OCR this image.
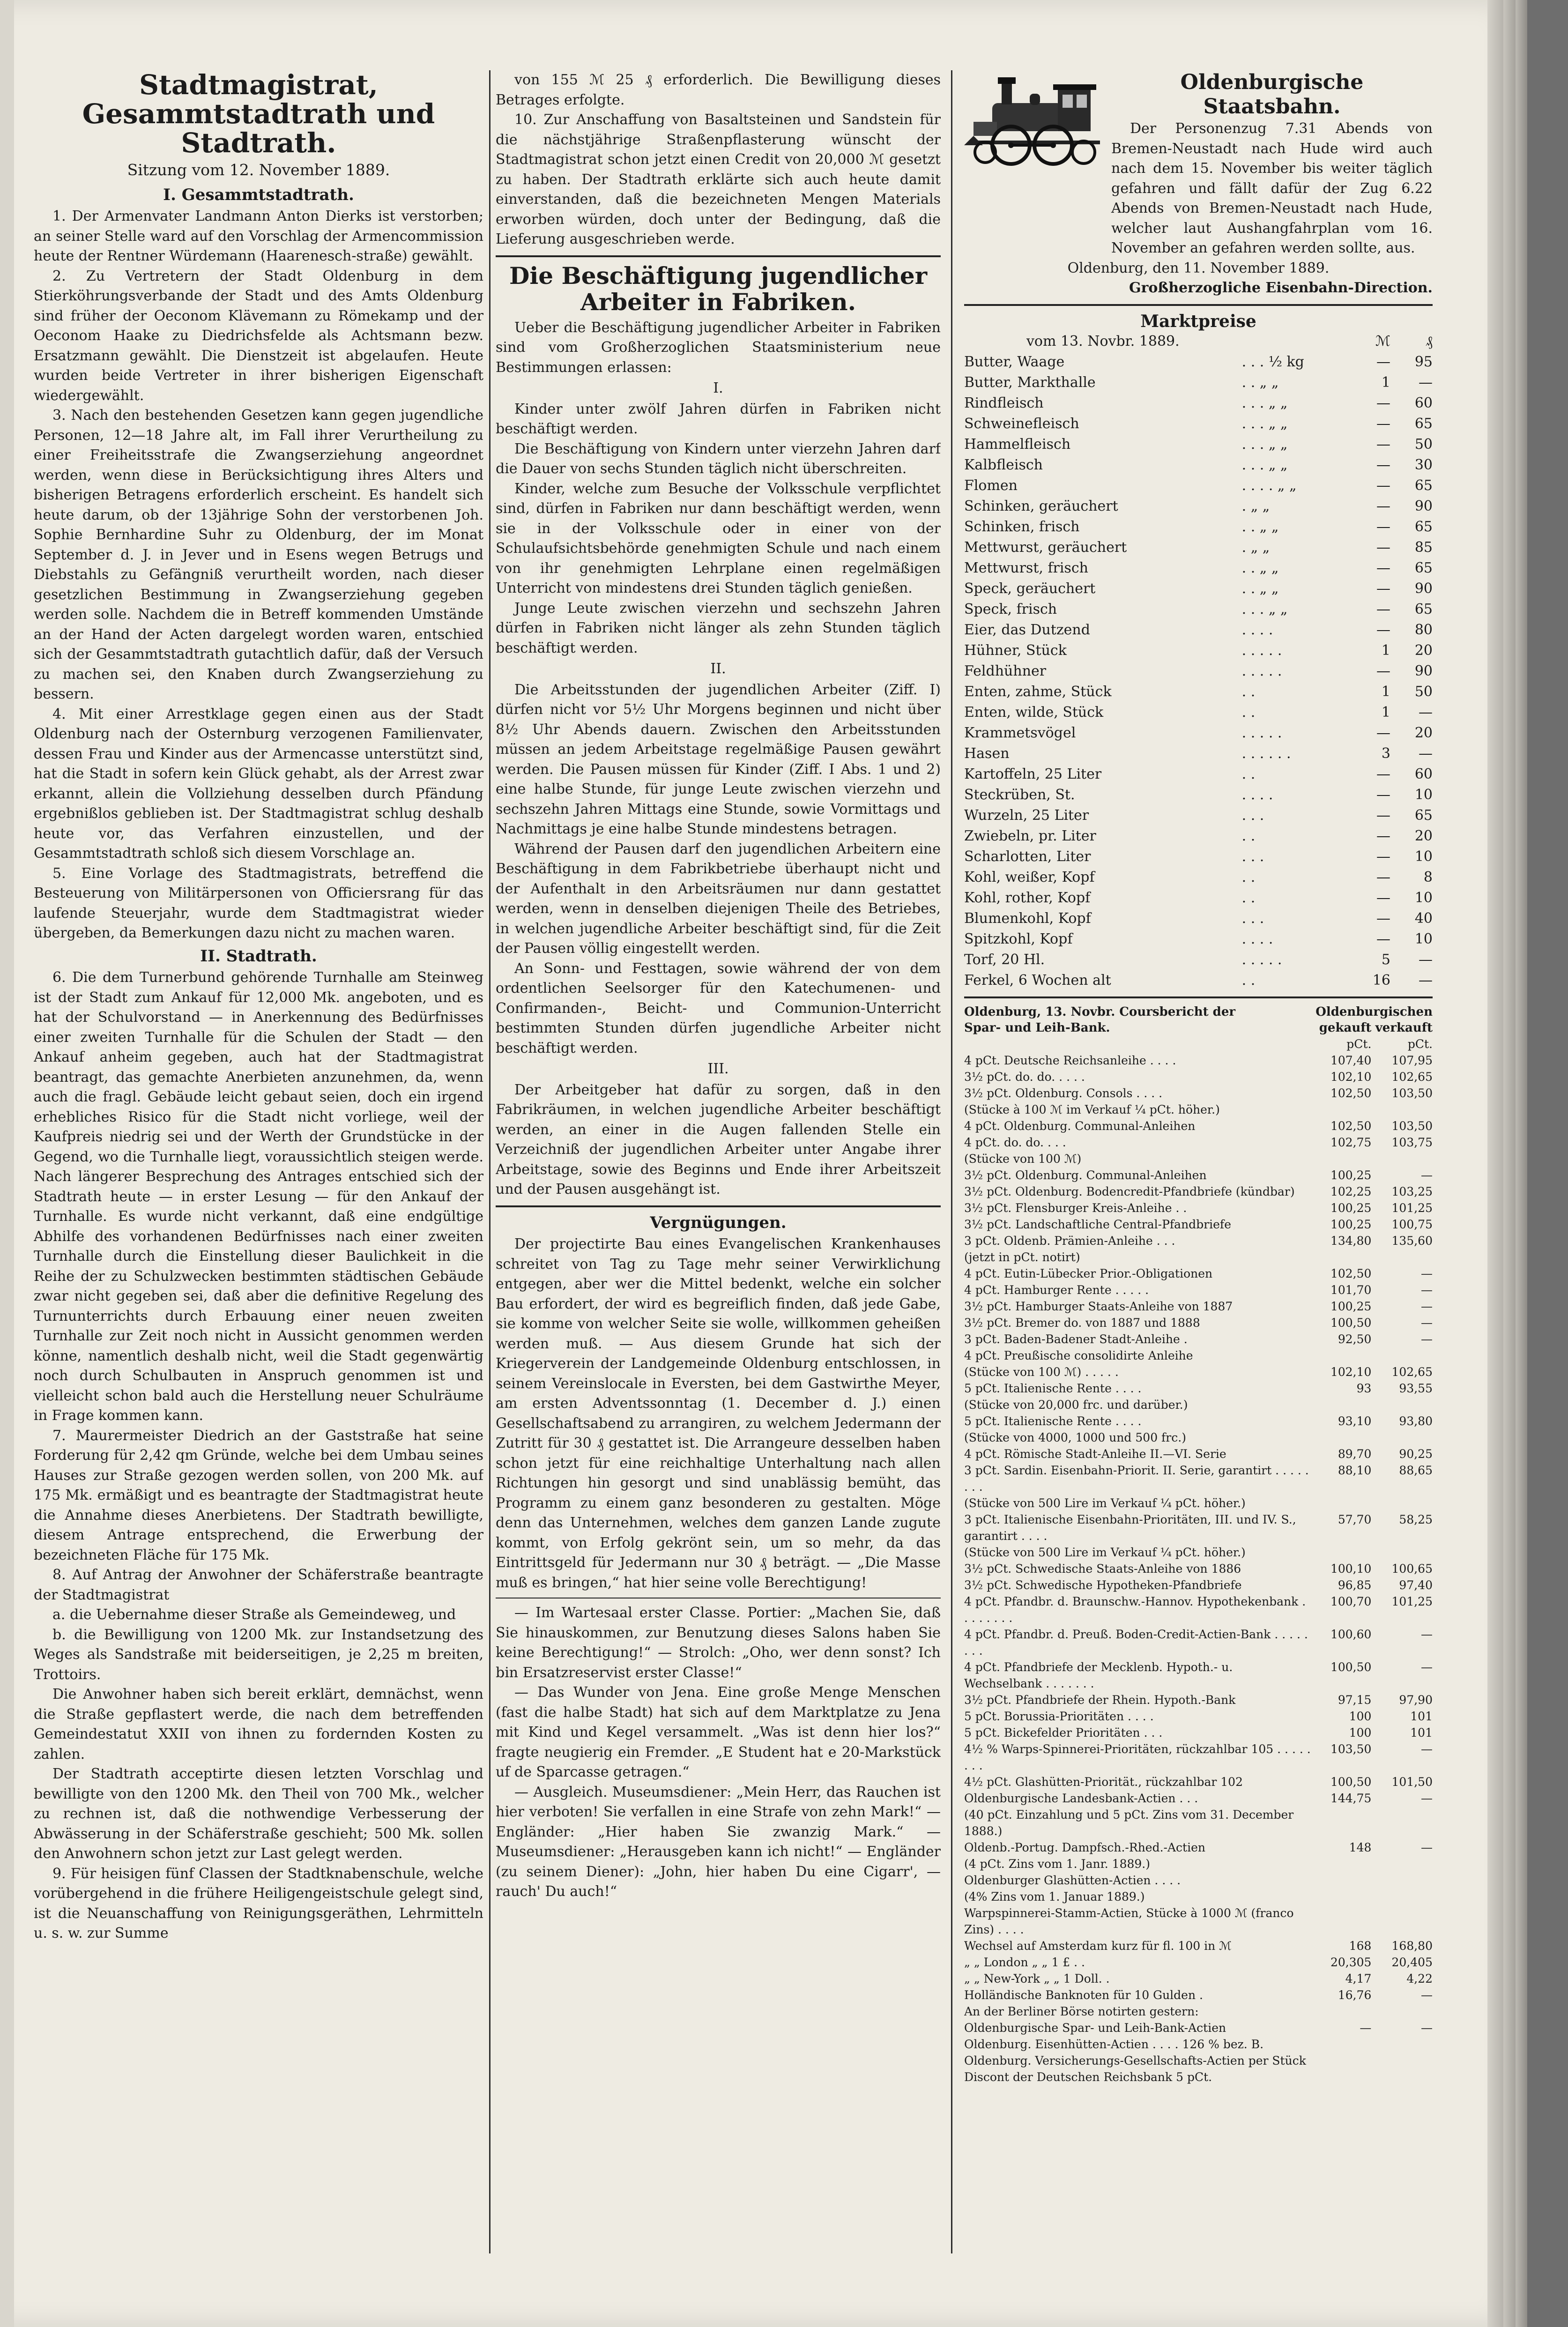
Stadtmagistrat, Gesammtstadtrath und Stadtrath.
Sitzung vom 12. November 1889.
I. Gesammtstadtrath.

1. Der Armenvater Landmann Anton Dierks ist verstorben; an seiner Stelle ward auf den Vorschlag der Armencommission heute der Rentner Würdemann (Haarenesch-straße) gewählt.

2. Zu Vertretern der Stadt Oldenburg in dem Stierköhrungsverbande der Stadt und des Amts Oldenburg sind früher der Oeconom Klävemann zu Römekamp und der Oeconom Haake zu Diedrichsfelde als Achtsmann bezw. Ersatzmann gewählt. Die Dienstzeit ist abgelaufen. Heute wurden beide Vertreter in ihrer bisherigen Eigenschaft wiedergewählt.

3. Nach den bestehenden Gesetzen kann gegen jugendliche Personen, 12—18 Jahre alt, im Fall ihrer Verurtheilung zu einer Freiheitsstrafe die Zwangserziehung angeordnet werden, wenn diese in Berücksichtigung ihres Alters und bisherigen Betragens erforderlich erscheint. Es handelt sich heute darum, ob der 13jährige Sohn der verstorbenen Joh. Sophie Bernhardine Suhr zu Oldenburg, der im Monat September d. J. in Jever und in Esens wegen Betrugs und Diebstahls zu Gefängniß verurtheilt worden, nach dieser gesetzlichen Bestimmung in Zwangserziehung gegeben werden solle. Nachdem die in Betreff kommenden Umstände an der Hand der Acten dargelegt worden waren, entschied sich der Gesammtstadtrath gutachtlich dafür, daß der Versuch zu machen sei, den Knaben durch Zwangserziehung zu bessern.

4. Mit einer Arrestklage gegen einen aus der Stadt Oldenburg nach der Osternburg verzogenen Familienvater, dessen Frau und Kinder aus der Armencasse unterstützt sind, hat die Stadt in sofern kein Glück gehabt, als der Arrest zwar erkannt, allein die Vollziehung desselben durch Pfändung ergebnißlos geblieben ist. Der Stadtmagistrat schlug deshalb heute vor, das Verfahren einzustellen, und der Gesammtstadtrath schloß sich diesem Vorschlage an.

5. Eine Vorlage des Stadtmagistrats, betreffend die Besteuerung von Militärpersonen von Officiersrang für das laufende Steuerjahr, wurde dem Stadtmagistrat wieder übergeben, da Bemerkungen dazu nicht zu machen waren.

II. Stadtrath.

6. Die dem Turnerbund gehörende Turnhalle am Steinweg ist der Stadt zum Ankauf für 12,000 Mk. angeboten, und es hat der Schulvorstand — in Anerkennung des Bedürfnisses einer zweiten Turnhalle für die Schulen der Stadt — den Ankauf anheim gegeben, auch hat der Stadtmagistrat beantragt, das gemachte Anerbieten anzunehmen, da, wenn auch die fragl. Gebäude leicht gebaut seien, doch ein irgend erhebliches Risico für die Stadt nicht vorliege, weil der Kaufpreis niedrig sei und der Werth der Grundstücke in der Gegend, wo die Turnhalle liegt, voraussichtlich steigen werde. Nach längerer Besprechung des Antrages entschied sich der Stadtrath heute — in erster Lesung — für den Ankauf der Turnhalle. Es wurde nicht verkannt, daß eine endgültige Abhilfe des vorhandenen Bedürfnisses nach einer zweiten Turnhalle durch die Einstellung dieser Baulichkeit in die Reihe der zu Schulzwecken bestimmten städtischen Gebäude zwar nicht gegeben sei, daß aber die definitive Regelung des Turnunterrichts durch Erbauung einer neuen zweiten Turnhalle zur Zeit noch nicht in Aussicht genommen werden könne, namentlich deshalb nicht, weil die Stadt gegenwärtig noch durch Schulbauten in Anspruch genommen ist und vielleicht schon bald auch die Herstellung neuer Schulräume in Frage kommen kann.

7. Maurermeister Diedrich an der Gaststraße hat seine Forderung für 2,42 qm Gründe, welche bei dem Umbau seines Hauses zur Straße gezogen werden sollen, von 200 Mk. auf 175 Mk. ermäßigt und es beantragte der Stadtmagistrat heute die Annahme dieses Anerbietens. Der Stadtrath bewilligte, diesem Antrage entsprechend, die Erwerbung der bezeichneten Fläche für 175 Mk.

8. Auf Antrag der Anwohner der Schäferstraße beantragte der Stadtmagistrat

a. die Uebernahme dieser Straße als Gemeindeweg, und

b. die Bewilligung von 1200 Mk. zur Instandsetzung des Weges als Sandstraße mit beiderseitigen, je 2,25 m breiten, Trottoirs.

Die Anwohner haben sich bereit erklärt, demnächst, wenn die Straße gepflastert werde, die nach dem betreffenden Gemeindestatut XXII von ihnen zu fordernden Kosten zu zahlen.

Der Stadtrath acceptirte diesen letzten Vorschlag und bewilligte von den 1200 Mk. den Theil von 700 Mk., welcher zu rechnen ist, daß die nothwendige Verbesserung der Abwässerung in der Schäferstraße geschieht; 500 Mk. sollen den Anwohnern schon jetzt zur Last gelegt werden.

9. Für heisigen fünf Classen der Stadtknabenschule, welche vorübergehend in die frühere Heiligengeistschule gelegt sind, ist die Neuanschaffung von Reinigungsgeräthen, Lehrmitteln u. s. w. zur Summe

von 155 ℳ 25 ₰ erforderlich. Die Bewilligung dieses Betrages erfolgte.

10. Zur Anschaffung von Basaltsteinen und Sandstein für die nächstjährige Straßenpflasterung wünscht der Stadtmagistrat schon jetzt einen Credit von 20,000 ℳ gesetzt zu haben. Der Stadtrath erklärte sich auch heute damit einverstanden, daß die bezeichneten Mengen Materials erworben würden, doch unter der Bedingung, daß die Lieferung ausgeschrieben werde.

Die Beschäftigung jugendlicher Arbeiter in Fabriken.

Ueber die Beschäftigung jugendlicher Arbeiter in Fabriken sind vom Großherzoglichen Staatsministerium neue Bestimmungen erlassen:

I.

Kinder unter zwölf Jahren dürfen in Fabriken nicht beschäftigt werden.

Die Beschäftigung von Kindern unter vierzehn Jahren darf die Dauer von sechs Stunden täglich nicht überschreiten.

Kinder, welche zum Besuche der Volksschule verpflichtet sind, dürfen in Fabriken nur dann beschäftigt werden, wenn sie in der Volksschule oder in einer von der Schulaufsichtsbehörde genehmigten Schule und nach einem von ihr genehmigten Lehrplane einen regelmäßigen Unterricht von mindestens drei Stunden täglich genießen.

Junge Leute zwischen vierzehn und sechszehn Jahren dürfen in Fabriken nicht länger als zehn Stunden täglich beschäftigt werden.

II.

Die Arbeitsstunden der jugendlichen Arbeiter (Ziff. I) dürfen nicht vor 5½ Uhr Morgens beginnen und nicht über 8½ Uhr Abends dauern. Zwischen den Arbeitsstunden müssen an jedem Arbeitstage regelmäßige Pausen gewährt werden. Die Pausen müssen für Kinder (Ziff. I Abs. 1 und 2) eine halbe Stunde, für junge Leute zwischen vierzehn und sechszehn Jahren Mittags eine Stunde, sowie Vormittags und Nachmittags je eine halbe Stunde mindestens betragen.

Während der Pausen darf den jugendlichen Arbeitern eine Beschäftigung in dem Fabrikbetriebe überhaupt nicht und der Aufenthalt in den Arbeitsräumen nur dann gestattet werden, wenn in denselben diejenigen Theile des Betriebes, in welchen jugendliche Arbeiter beschäftigt sind, für die Zeit der Pausen völlig eingestellt werden.

An Sonn- und Festtagen, sowie während der von dem ordentlichen Seelsorger für den Katechumenen- und Confirmanden-, Beicht- und Communion-Unterricht bestimmten Stunden dürfen jugendliche Arbeiter nicht beschäftigt werden.

III.

Der Arbeitgeber hat dafür zu sorgen, daß in den Fabrikräumen, in welchen jugendliche Arbeiter beschäftigt werden, an einer in die Augen fallenden Stelle ein Verzeichniß der jugendlichen Arbeiter unter Angabe ihrer Arbeitstage, sowie des Beginns und Ende ihrer Arbeitszeit und der Pausen ausgehängt ist.

Vergnügungen.

Der projectirte Bau eines Evangelischen Krankenhauses schreitet von Tag zu Tage mehr seiner Verwirklichung entgegen, aber wer die Mittel bedenkt, welche ein solcher Bau erfordert, der wird es begreiflich finden, daß jede Gabe, sie komme von welcher Seite sie wolle, willkommen geheißen werden muß. — Aus diesem Grunde hat sich der Kriegerverein der Landgemeinde Oldenburg entschlossen, in seinem Vereinslocale in Eversten, bei dem Gastwirthe Meyer, am ersten Adventssonntag (1. December d. J.) einen Gesellschaftsabend zu arrangiren, zu welchem Jedermann der Zutritt für 30 ₰ gestattet ist. Die Arrangeure desselben haben schon jetzt für eine reichhaltige Unterhaltung nach allen Richtungen hin gesorgt und sind unablässig bemüht, das Programm zu einem ganz besonderen zu gestalten. Möge denn das Unternehmen, welches dem ganzen Lande zugute kommt, von Erfolg gekrönt sein, um so mehr, da das Eintrittsgeld für Jedermann nur 30 ₰ beträgt. — „Die Masse muß es bringen,“ hat hier seine volle Berechtigung!

— Im Wartesaal erster Classe. Portier: „Machen Sie, daß Sie hinauskommen, zur Benutzung dieses Salons haben Sie keine Berechtigung!“ — Strolch: „Oho, wer denn sonst? Ich bin Ersatzreservist erster Classe!“

— Das Wunder von Jena. Eine große Menge Menschen (fast die halbe Stadt) hat sich auf dem Marktplatze zu Jena mit Kind und Kegel versammelt. „Was ist denn hier los?“ fragte neugierig ein Fremder. „E Student hat e 20-Markstück uf de Sparcasse getragen.“

— Ausgleich. Museumsdiener: „Mein Herr, das Rauchen ist hier verboten! Sie verfallen in eine Strafe von zehn Mark!“ — Engländer: „Hier haben Sie zwanzig Mark.“ — Museumsdiener: „Herausgeben kann ich nicht!“ — Engländer (zu seinem Diener): „John, hier haben Du eine Cigarr', — rauch' Du auch!“

Oldenburgische Staatsbahn.

Der Personenzug 7.31 Abends von Bremen-Neustadt nach Hude wird auch nach dem 15. November bis weiter täglich gefahren und fällt dafür der Zug 6.22 Abends von Bremen-Neustadt nach Hude, welcher laut Aushangfahrplan vom 16. November an gefahren werden sollte, aus.

Oldenburg, den 11. November 1889.

Großherzogliche Eisenbahn-Direction.

Marktpreise
vom 13. Novbr. 1889.		ℳ	₰
Butter, Waage	. . . ½ kg	—	95
Butter, Markthalle	. . „ „	1	—
Rindfleisch	. . . „ „	—	60
Schweinefleisch	. . . „ „	—	65
Hammelfleisch	. . . „ „	—	50
Kalbfleisch	. . . „ „	—	30
Flomen	. . . . „ „	—	65
Schinken, geräuchert	. „ „	—	90
Schinken, frisch	. . „ „	—	65
Mettwurst, geräuchert	. „ „	—	85
Mettwurst, frisch	. . „ „	—	65
Speck, geräuchert	. . „ „	—	90
Speck, frisch	. . . „ „	—	65
Eier, das Dutzend	. . . .	—	80
Hühner, Stück	. . . . .	1	20
Feldhühner	. . . . .	—	90
Enten, zahme, Stück	. .	1	50
Enten, wilde, Stück	. .	1	—
Krammetsvögel	. . . . .	—	20
Hasen	. . . . . .	3	—
Kartoffeln, 25 Liter	. .	—	60
Steckrüben, St.	. . . .	—	10
Wurzeln, 25 Liter	. . .	—	65
Zwiebeln, pr. Liter	. .	—	20
Scharlotten, Liter	. . .	—	10
Kohl, weißer, Kopf	. .	—	8
Kohl, rother, Kopf	. .	—	10
Blumenkohl, Kopf	. . .	—	40
Spitzkohl, Kopf	. . . .	—	10
Torf, 20 Hl.	. . . . .	5	—
Ferkel, 6 Wochen alt	. .	16	—
Oldenburg, 13. Novbr. Coursbericht der	Oldenburgischen	
Spar- und Leih-Bank.	gekauft	verkauft
	pCt.	pCt.
4 pCt. Deutsche Reichsanleihe . . . .	107,40	107,95
3½ pCt. do. do. . . . .	102,10	102,65
3½ pCt. Oldenburg. Consols . . . .	102,50	103,50
(Stücke à 100 ℳ im Verkauf ¼ pCt. höher.)		
4 pCt. Oldenburg. Communal-Anleihen	102,50	103,50
4 pCt. do. do. . . .	102,75	103,75
(Stücke von 100 ℳ)		
3½ pCt. Oldenburg. Communal-Anleihen	100,25	—
3½ pCt. Oldenburg. Bodencredit-Pfandbriefe (kündbar)	102,25	103,25
3½ pCt. Flensburger Kreis-Anleihe . .	100,25	101,25
3½ pCt. Landschaftliche Central-Pfandbriefe	100,25	100,75
3 pCt. Oldenb. Prämien-Anleihe . . .	134,80	135,60
(jetzt in pCt. notirt)		
4 pCt. Eutin-Lübecker Prior.-Obligationen	102,50	—
4 pCt. Hamburger Rente . . . . .	101,70	—
3½ pCt. Hamburger Staats-Anleihe von 1887	100,25	—
3½ pCt. Bremer do. von 1887 und 1888	100,50	—
3 pCt. Baden-Badener Stadt-Anleihe .	92,50	—
4 pCt. Preußische consolidirte Anleihe		
(Stücke von 100 ℳ) . . . . .	102,10	102,65
5 pCt. Italienische Rente . . . .	93	93,55
(Stücke von 20,000 frc. und darüber.)		
5 pCt. Italienische Rente . . . .	93,10	93,80
(Stücke von 4000, 1000 und 500 frc.)		
4 pCt. Römische Stadt-Anleihe II.—VI. Serie	89,70	90,25
3 pCt. Sardin. Eisenbahn-Priorit. II. Serie, garantirt . . . . . . . .	88,10	88,65
(Stücke von 500 Lire im Verkauf ¼ pCt. höher.)		
3 pCt. Italienische Eisenbahn-Prioritäten, III. und IV. S., garantirt . . . .	57,70	58,25
(Stücke von 500 Lire im Verkauf ¼ pCt. höher.)		
3½ pCt. Schwedische Staats-Anleihe von 1886	100,10	100,65
3½ pCt. Schwedische Hypotheken-Pfandbriefe	96,85	97,40
4 pCt. Pfandbr. d. Braunschw.-Hannov. Hypothekenbank . . . . . . . .	100,70	101,25
4 pCt. Pfandbr. d. Preuß. Boden-Credit-Actien-Bank . . . . . . . .	100,60	—
4 pCt. Pfandbriefe der Mecklenb. Hypoth.- u. Wechselbank . . . . . . .	100,50	—
3½ pCt. Pfandbriefe der Rhein. Hypoth.-Bank	97,15	97,90
5 pCt. Borussia-Prioritäten . . . .	100	101
5 pCt. Bickefelder Prioritäten . . .	100	101
4½ % Warps-Spinnerei-Prioritäten, rückzahlbar 105 . . . . . . . .	103,50	—
4½ pCt. Glashütten-Priorität., rückzahlbar 102	100,50	101,50
Oldenburgische Landesbank-Actien . . .	144,75	—
(40 pCt. Einzahlung und 5 pCt. Zins vom 31. December 1888.)		
Oldenb.-Portug. Dampfsch.-Rhed.-Actien	148	—
(4 pCt. Zins vom 1. Janr. 1889.)		
Oldenburger Glashütten-Actien . . . .		
(4% Zins vom 1. Januar 1889.)		
Warpspinnerei-Stamm-Actien, Stücke à 1000 ℳ (franco Zins) . . . .		
Wechsel auf Amsterdam kurz für fl. 100 in ℳ	168	168,80
„ „ London „ „ 1 £ . .	20,305	20,405
„ „ New-York „ „ 1 Doll. .	4,17	4,22
Holländische Banknoten für 10 Gulden .	16,76	—
An der Berliner Börse notirten gestern:		
Oldenburgische Spar- und Leih-Bank-Actien	—	—
Oldenburg. Eisenhütten-Actien . . . . 126 % bez. B.		
Oldenburg. Versicherungs-Gesellschafts-Actien per Stück		
Discont der Deutschen Reichsbank 5 pCt.		
